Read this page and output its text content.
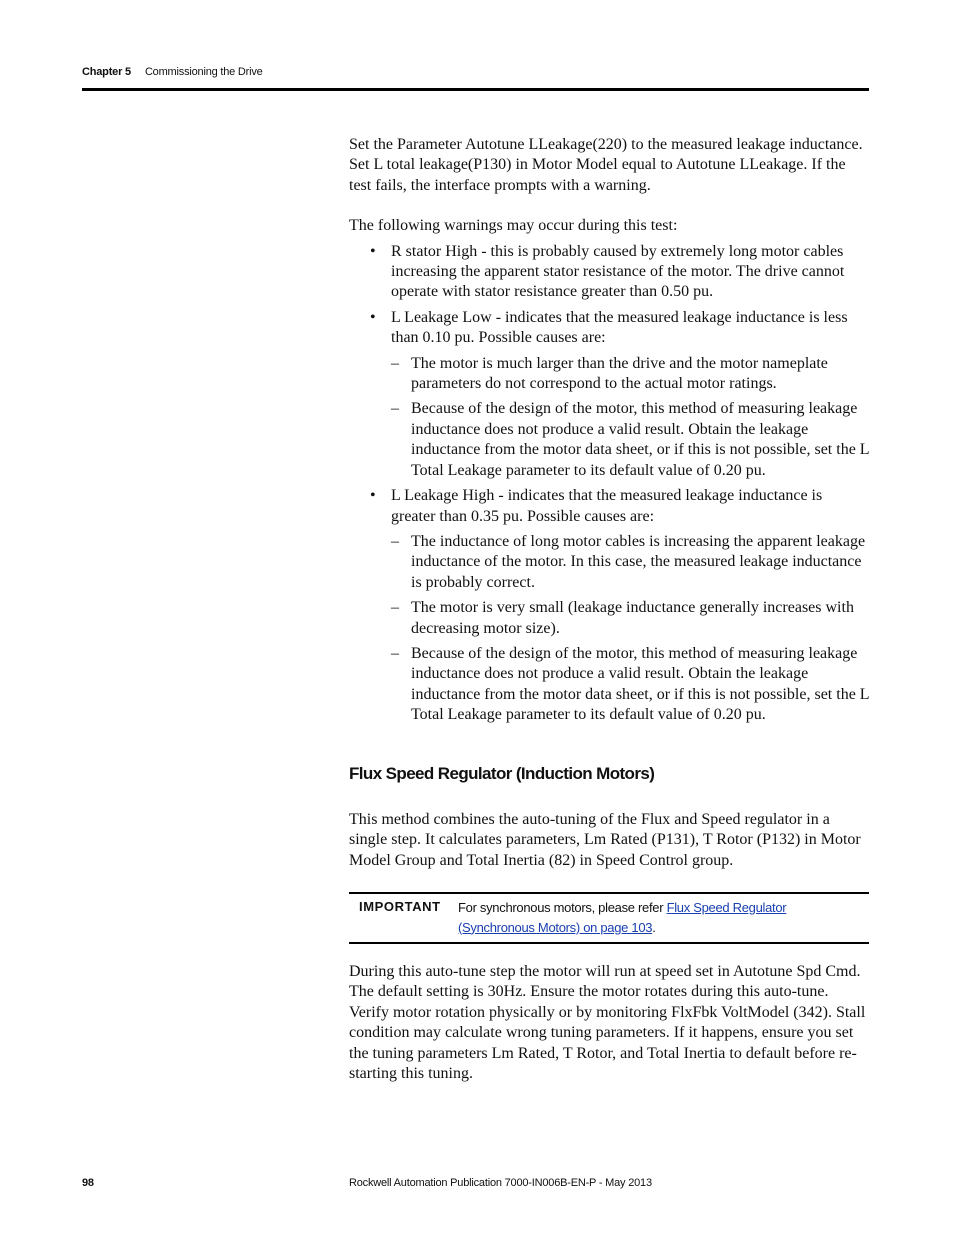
Chapter 5 Commissioning the Drive

Set the Parameter Autotune LLeakage(220) to the measured leakage inductance. Set L total leakage(P130) in Motor Model equal to Autotune LLeakage. If the test fails, the interface prompts with a warning.

The following warnings may occur during this test:

• R stator High - this is probably caused by extremely long motor cables increasing the apparent stator resistance of the motor. The drive cannot operate with stator resistance greater than 0.50 pu.
• L Leakage Low - indicates that the measured leakage inductance is less than 0.10 pu. Possible causes are:
– The motor is much larger than the drive and the motor nameplate parameters do not correspond to the actual motor ratings.
– Because of the design of the motor, this method of measuring leakage inductance does not produce a valid result. Obtain the leakage inductance from the motor data sheet, or if this is not possible, set the L Total Leakage parameter to its default value of 0.20 pu.
• L Leakage High - indicates that the measured leakage inductance is greater than 0.35 pu. Possible causes are:
– The inductance of long motor cables is increasing the apparent leakage inductance of the motor. In this case, the measured leakage inductance is probably correct.
– The motor is very small (leakage inductance generally increases with decreasing motor size).
– Because of the design of the motor, this method of measuring leakage inductance does not produce a valid result. Obtain the leakage inductance from the motor data sheet, or if this is not possible, set the L Total Leakage parameter to its default value of 0.20 pu.
Flux Speed Regulator (Induction Motors)

This method combines the auto-tuning of the Flux and Speed regulator in a single step. It calculates parameters, Lm Rated (P131), T Rotor (P132) in Motor Model Group and Total Inertia (82) in Speed Control group.

IMPORTANT For synchronous motors, please refer Flux Speed Regulator (Synchronous Motors) on page 103.

During this auto-tune step the motor will run at speed set in Autotune Spd Cmd. The default setting is 30Hz. Ensure the motor rotates during this auto-tune. Verify motor rotation physically or by monitoring FlxFbk VoltModel (342). Stall condition may calculate wrong tuning parameters. If it happens, ensure you set the tuning parameters Lm Rated, T Rotor, and Total Inertia to default before re-starting this tuning.

98	Rockwell Automation Publication 7000-IN006B-EN-P - May 2013
